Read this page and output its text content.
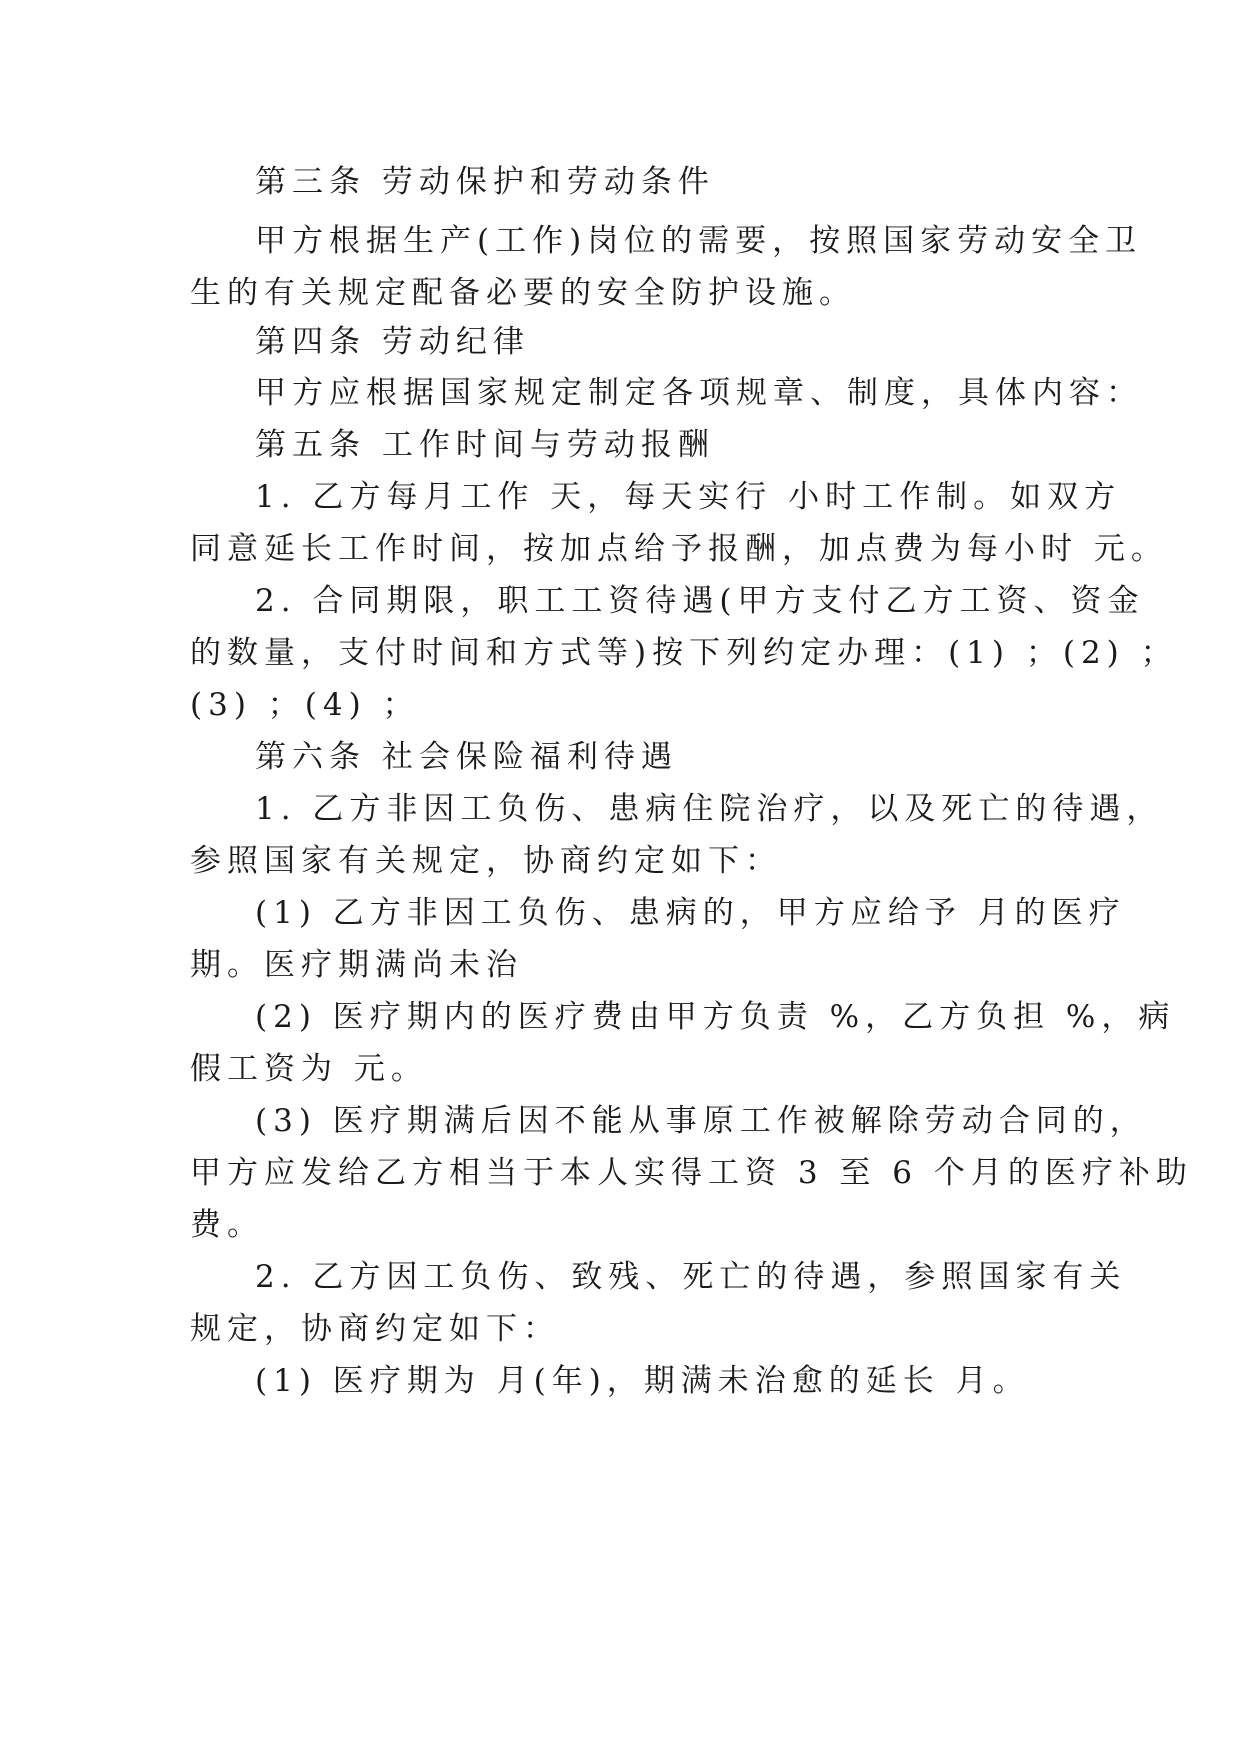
第三条 劳动保护和劳动条件
甲方根据生产(工作)岗位的需要，按照国家劳动安全卫
生的有关规定配备必要的安全防护设施。
第四条 劳动纪律
甲方应根据国家规定制定各项规章、制度，具体内容：
第五条 工作时间与劳动报酬
1. 乙方每月工作 天，每天实行 小时工作制。如双方
同意延长工作时间，按加点给予报酬，加点费为每小时 元。
2. 合同期限，职工工资待遇(甲方支付乙方工资、资金
的数量，支付时间和方式等)按下列约定办理：(1) ；(2) ；
(3) ；(4) ；
第六条 社会保险福利待遇
1. 乙方非因工负伤、患病住院治疗，以及死亡的待遇，
参照国家有关规定，协商约定如下：
(1) 乙方非因工负伤、患病的，甲方应给予 月的医疗
期。医疗期满尚未治
(2) 医疗期内的医疗费由甲方负责 %，乙方负担 %，病
假工资为 元。
(3) 医疗期满后因不能从事原工作被解除劳动合同的，
甲方应发给乙方相当于本人实得工资 3 至 6 个月的医疗补助
费。
2. 乙方因工负伤、致残、死亡的待遇，参照国家有关
规定，协商约定如下：
(1) 医疗期为 月(年)，期满未治愈的延长 月。
